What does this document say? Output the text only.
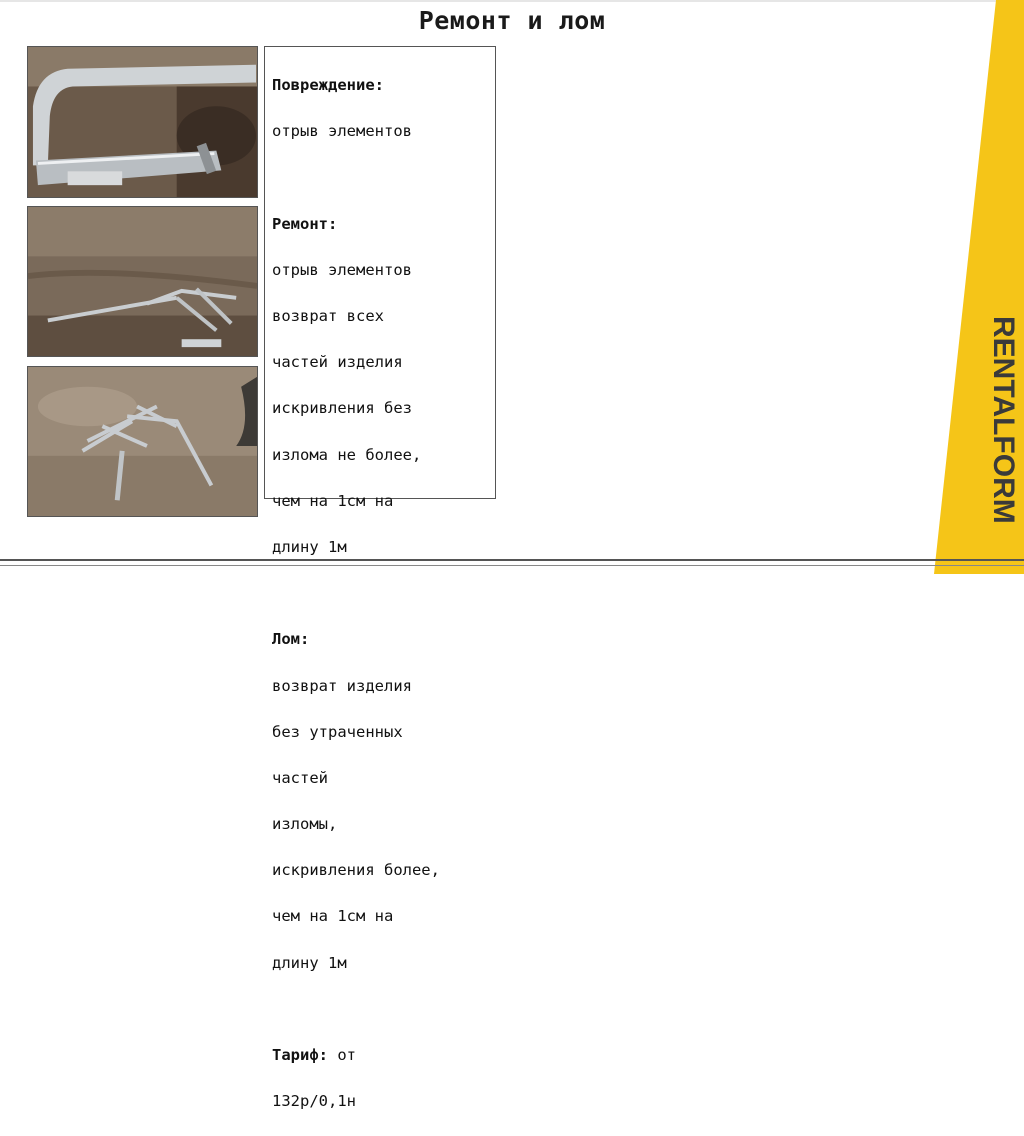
Ремонт и лом

Повреждение:

отрыв элементов

Ремонт:

отрыв элементов

возврат всех

частей изделия

искривления без

излома не более,

чем на 1см на

длину 1м

Лом:

возврат изделия

без утраченных

частей

изломы,

искривления более,

чем на 1см на

длину 1м

Тариф: от

132р/0,1н

RENTALFORM
